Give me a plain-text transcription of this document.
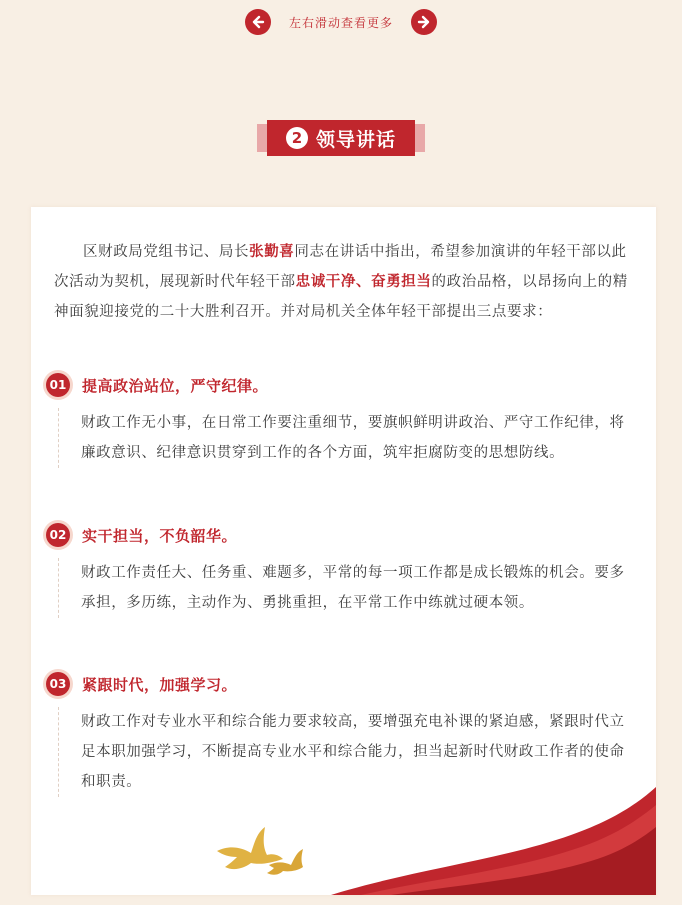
左右滑动查看更多
2 领导讲话

区财政局党组书记、局长张勤喜同志在讲话中指出，希望参加演讲的年轻干部以此次活动为契机，展现新时代年轻干部忠诚干净、奋勇担当的政治品格，以昂扬向上的精神面貌迎接党的二十大胜利召开。并对局机关全体年轻干部提出三点要求：

01 提高政治站位，严守纪律。
财政工作无小事，在日常工作要注重细节，要旗帜鲜明讲政治、严守工作纪律，将廉政意识、纪律意识贯穿到工作的各个方面，筑牢拒腐防变的思想防线。
02 实干担当，不负韶华。
财政工作责任大、任务重、难题多，平常的每一项工作都是成长锻炼的机会。要多承担，多历练，主动作为、勇挑重担，在平常工作中练就过硬本领。
03 紧跟时代，加强学习。
财政工作对专业水平和综合能力要求较高，要增强充电补课的紧迫感，紧跟时代立足本职加强学习，不断提高专业水平和综合能力，担当起新时代财政工作者的使命和职责。
